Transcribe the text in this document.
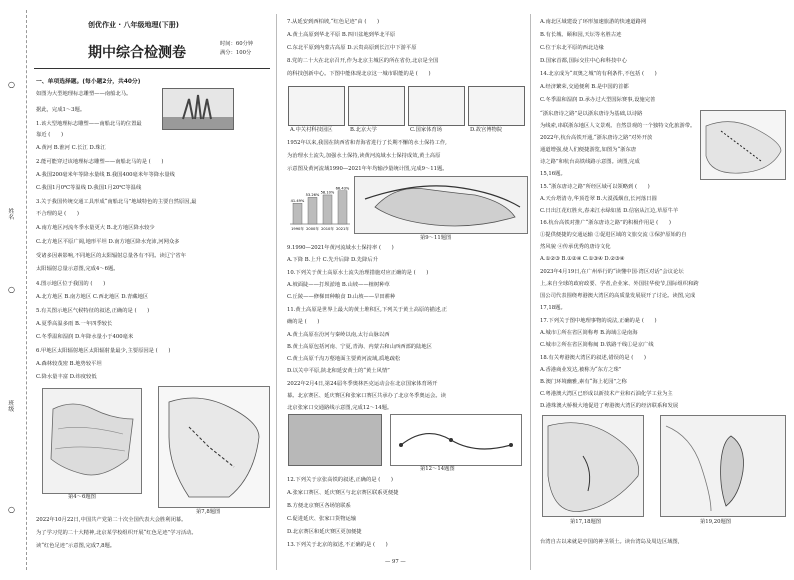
○
○
○
姓名
班级
创优作业 · 八年级地理(下册)
期中综合检测卷
时间：60分钟
满分：100分
一、单项选择题。(每小题2分，共40分)
如图为大型地理标志雕塑——南船北马。
据此，完成1～3题。
1.该大型地理标志雕塑——南船北马的位置最
靠近 (　　)
A.黄河 B.淮河 C.长江 D.珠江
2.能可能穿过该地理标志雕塑——南船北马的是 (　　)
A.我国200毫米年等降水量线 B.我国400毫米年等降水量线
C.我国1月0℃等温线 D.我国1月20℃等温线
3.关于我国传统交通工具形成“南船北马”地域特色的主要自然原因,最
不合理的是 (　　)
A.南方地区河流冬季水量更大 B.北方地区降水较少
C.北方地区平原广阔,地形平坦 D.南方地区降水充沛,河网众多
受诸多因素影响,不同地区的太阳辐射总量各有不同。读辽宁省年
太阳辐射总量示意图,完成4～6题。
4.图示地区位于我国的 (　　)
A.北方地区 B.南方地区 C.西北地区 D.青藏地区
5.有关图示地区气候特征的叙述,正确的是 (　　)
A.夏季高温多雨 B.一年四季较长
C.冬季温和湿润 D.年降水量小于400毫米
6.甲地区太阳辐射地区太阳辐射量最少,主要原因是 (　　)
A.森林较茂密 B.地势较平坦
C.降水量丰富 D.纬度较低
第4～6题图
第7,8题图
2022年10月22日,中国共产党第二十次全国代表大会胜利闭幕。
为了学习党的二十大精神,北京某学校组织开展“红色足迹”学习活动。
读“红色足迹”示意图,完成7,8题。
7.从延安到西柏坡,“红色足迹”由 (　　)
A.黄土高原到华北平原 B.四川盆地到华北平原
C.东北平原到内蒙古高原 D.云贵高原到长江中下游平原
8.党的二十大在北京召开,作为北京主城区的所在省份,北京是全国
的科技创新中心。下图中能体现北京这一城市职能的是 (　　)
A.中关村科技园区	B.北京大学	C.国家体育场	D.故宫博物院
1952年以来,我国在陕西省和青海省进行了长期不懈的水土保持工作,
为治理水土流失,加强水土保持,读黄河流域水土保持成效,黄土高原
示意图及黄河流域1990—2021年年均输沙量统计图,完成9～11题。
41.49%
1990年
53.26%
2000年
58.10%
2010年
66.43%
2021年
第9～11题图
9.1990—2021年黄河流域水土保持率 (　　)
A.下降 B.上升 C.先升后降 D.先降后升
10.下列关于黄土高原水土流失治理措施对应正确的是 (　　)
A.坡面陡——打坝淤地 B.山坡——植树种草
C.丘陵——修梯田种粮食 D.山坡——旱田耕种
11.黄土高原是世界上最大的黄土堆积区,下列关于黄土高原的描述,正
确的是 (　　)
A.黄土高原在汾河与秦岭以南,太行山脉以西
B.黄土高原包括河南、宁夏,青海、内蒙古和山西西部的陆地区
C.黄土高原千沟万壑地面主要黄河流域,质地疏松
D.以关中平原,陕北和延安黄土的“黄土风情”
2022年2月4日,第24届冬季奥林匹克运动会在北京国家体育场开
幕。北京赛区、延庆赛区和张家口赛区共承办了北京冬季奥运会。读
北京张家口交通路线示意图,完成12～14题。
第12～14题图
12.下列关于京张高铁的叙述,正确的是 (　　)
A.张家口赛区、延庆赛区与北京赛区联系更便捷
B.方便北京赛区各场馆联系
C.促进延庆、张家口货物运输
D.北京赛区和延庆赛区更加便捷
13.下列关于北京的叙述,不正确的是 (　　)
A.南北区域建设了环形加速旅游的快速道路网
B.有长城、颐和园,天坛等名胜古迹
C.位于东北平原的西北边缘
D.国家首都,国际交往中心和科技中心
14.北京成为“双奥之城”的有利条件,不包括 (　　)
A.经济繁荣,交通便利 B.是中国的首都
C.冬季温和湿润 D.承办过大型国际赛事,设施完善
“浙东唐诗之路”是以浙东唐诗为基础,以诗路
为线索,串联浙东地区人文景观、自然景观的一个独特文化旅游带。
2022年,杭台高铁开通,“浙东唐诗之路”对外开放
通道增强,使人们便捷游览,如图为“浙东唐
诗之路”和杭台高铁线路示意图。读图,完成
15,16题。
15.“浙东唐诗之路”所经区域可以领略到 (　　)
A.天台塔清寺,华顶苍翠 B.大漠孤烟直,长河落日圆
C.日出江花红胜火,春来江水绿如蓝 D.信宿从江边,草原牛羊
16.杭台高铁对推广“浙东唐诗之路”的积极作用是 (　　)
①提供便捷的交通运输 ②促进区域的文旅交流 ③保护原始的自
然风貌 ④传承优秀的唐诗文化
A.①②③ B.①②④ C.①③④ D.②③④
2023年4月19日,在广州举行的“读懂中国·湾区对话”会议论坛
上,来自全球的政府政要、学者,企业家、外国驻华使节,国际组织和跨
国公司代表围绕粤港澳大湾区的高质量发展展开了讨论。读图,完成
17,18题。
17.下列关于图中地理事物的说法,正确的是 (　　)
A.城市①所在省区简称粤 B.海域①是南海
C.城市②所在省区简称闽 D.铁路干线①是京广线
18.有关粤港澳大湾区的叙述,错误的是 (　　)
A.香港商业发达,被称为“东方之珠”
B.澳门环境幽雅,素有“海上花园”之称
C.粤港澳大湾区已形成以新技术产业和石油化学工业为主
D.港珠澳大桥极大地促进了粤港澳大湾区的经济联系和发展
第17,18题图	第19,20题图
台湾自古以来就是中国的神圣领土。读台湾岛及周边区域图,
— 97 —
